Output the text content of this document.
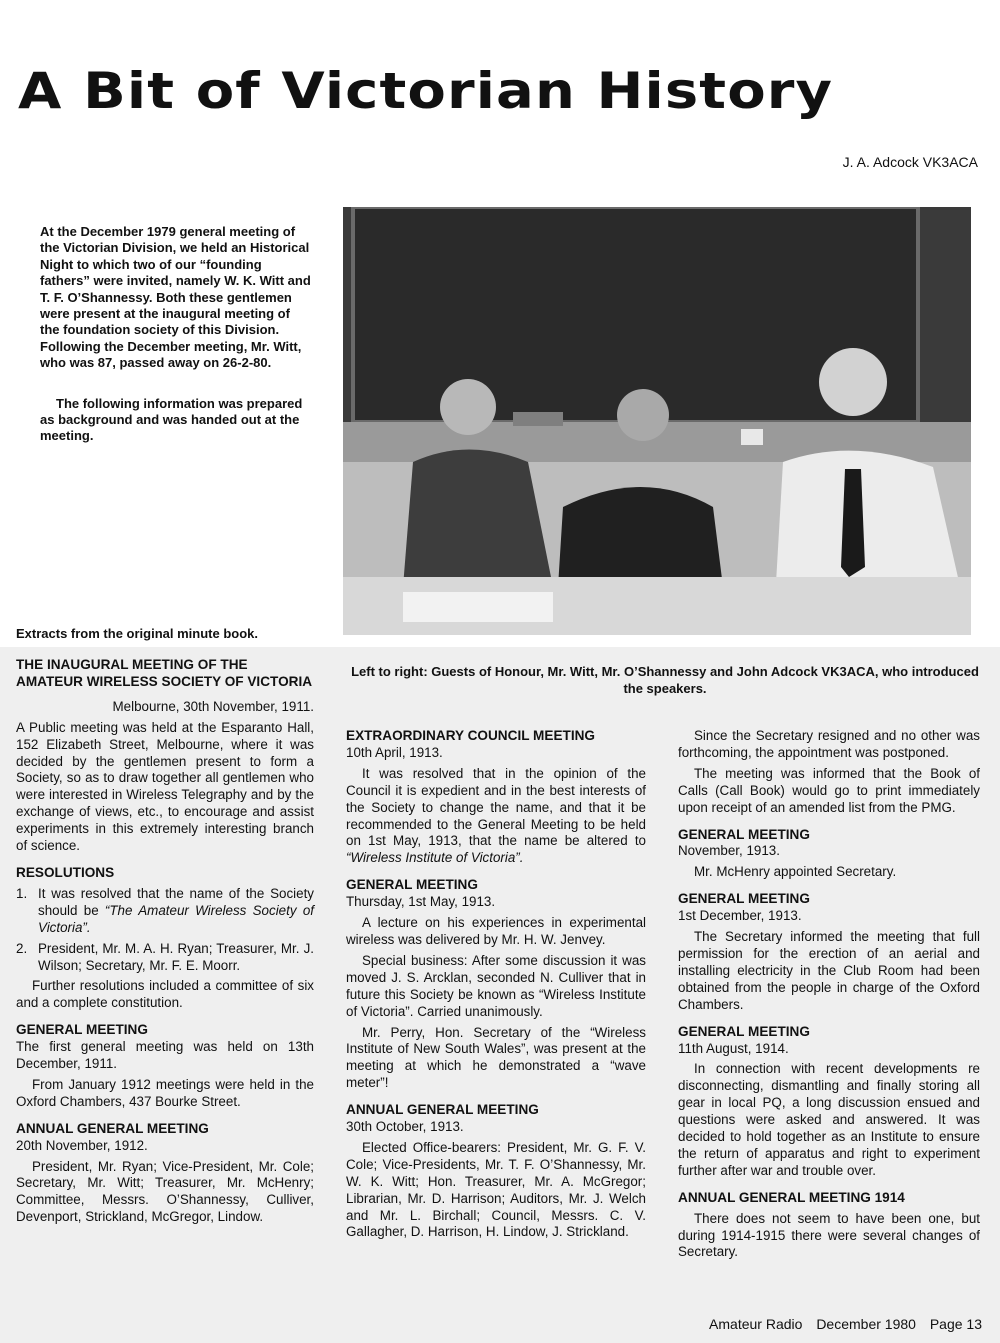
A Bit of Victorian History
J. A. Adcock VK3ACA

At the December 1979 general meeting of the Victorian Division, we held an Historical Night to which two of our “founding fathers” were invited, namely W. K. Witt and T. F. O’Shannessy. Both these gentlemen were present at the inaugural meeting of the foundation society of this Division. Following the December meeting, Mr. Witt, who was 87, passed away on 26-2-80.

The following information was prepared as background and was handed out at the meeting.

Extracts from the original minute book.
Left to right: Guests of Honour, Mr. Witt, Mr. O’Shannessy and John Adcock VK3ACA, who introduced the speakers.
THE INAUGURAL MEETING OF THE AMATEUR WIRELESS SOCIETY OF VICTORIA

Melbourne, 30th November, 1911.

A Public meeting was held at the Esparanto Hall, 152 Elizabeth Street, Melbourne, where it was decided by the gentlemen present to form a Society, so as to draw together all gentlemen who were interested in Wireless Telegraphy and by the exchange of views, etc., to encourage and assist experiments in this extremely interesting branch of science.

RESOLUTIONS
1. It was resolved that the name of the Society should be “The Amateur Wireless Society of Victoria”.
2. President, Mr. M. A. H. Ryan; Treasurer, Mr. J. Wilson; Secretary, Mr. F. E. Moorr.

Further resolutions included a committee of six and a complete constitution.

GENERAL MEETING

The first general meeting was held on 13th December, 1911.

From January 1912 meetings were held in the Oxford Chambers, 437 Bourke Street.

ANNUAL GENERAL MEETING

20th November, 1912.

President, Mr. Ryan; Vice-President, Mr. Cole; Secretary, Mr. Witt; Treasurer, Mr. McHenry; Committee, Messrs. O’Shannessy, Culliver, Devenport, Strickland, McGregor, Lindow.

EXTRAORDINARY COUNCIL MEETING

10th April, 1913.

It was resolved that in the opinion of the Council it is expedient and in the best interests of the Society to change the name, and that it be recommended to the General Meeting to be held on 1st May, 1913, that the name be altered to “Wireless Institute of Victoria”.

GENERAL MEETING

Thursday, 1st May, 1913.

A lecture on his experiences in experimental wireless was delivered by Mr. H. W. Jenvey.

Special business: After some discussion it was moved J. S. Arcklan, seconded N. Culliver that in future this Society be known as “Wireless Institute of Victoria”. Carried unanimously.

Mr. Perry, Hon. Secretary of the “Wireless Institute of New South Wales”, was present at the meeting at which he demonstrated a “wave meter”!

ANNUAL GENERAL MEETING

30th October, 1913.

Elected Office-bearers: President, Mr. G. F. V. Cole; Vice-Presidents, Mr. T. F. O’Shannessy, Mr. W. K. Witt; Hon. Treasurer, Mr. A. McGregor; Librarian, Mr. D. Harrison; Auditors, Mr. J. Welch and Mr. L. Birchall; Council, Messrs. C. V. Gallagher, D. Harrison, H. Lindow, J. Strickland.

Since the Secretary resigned and no other was forthcoming, the appointment was postponed.

The meeting was informed that the Book of Calls (Call Book) would go to print immediately upon receipt of an amended list from the PMG.

GENERAL MEETING

November, 1913.

Mr. McHenry appointed Secretary.

GENERAL MEETING

1st December, 1913.

The Secretary informed the meeting that full permission for the erection of an aerial and installing electricity in the Club Room had been obtained from the people in charge of the Oxford Chambers.

GENERAL MEETING

11th August, 1914.

In connection with recent developments re disconnecting, dismantling and finally storing all gear in local PQ, a long discussion ensued and questions were asked and answered. It was decided to hold together as an Institute to ensure the return of apparatus and right to experiment further after war and trouble over.

ANNUAL GENERAL MEETING 1914

There does not seem to have been one, but during 1914-1915 there were several changes of Secretary.

Amateur Radio December 1980 Page 13
